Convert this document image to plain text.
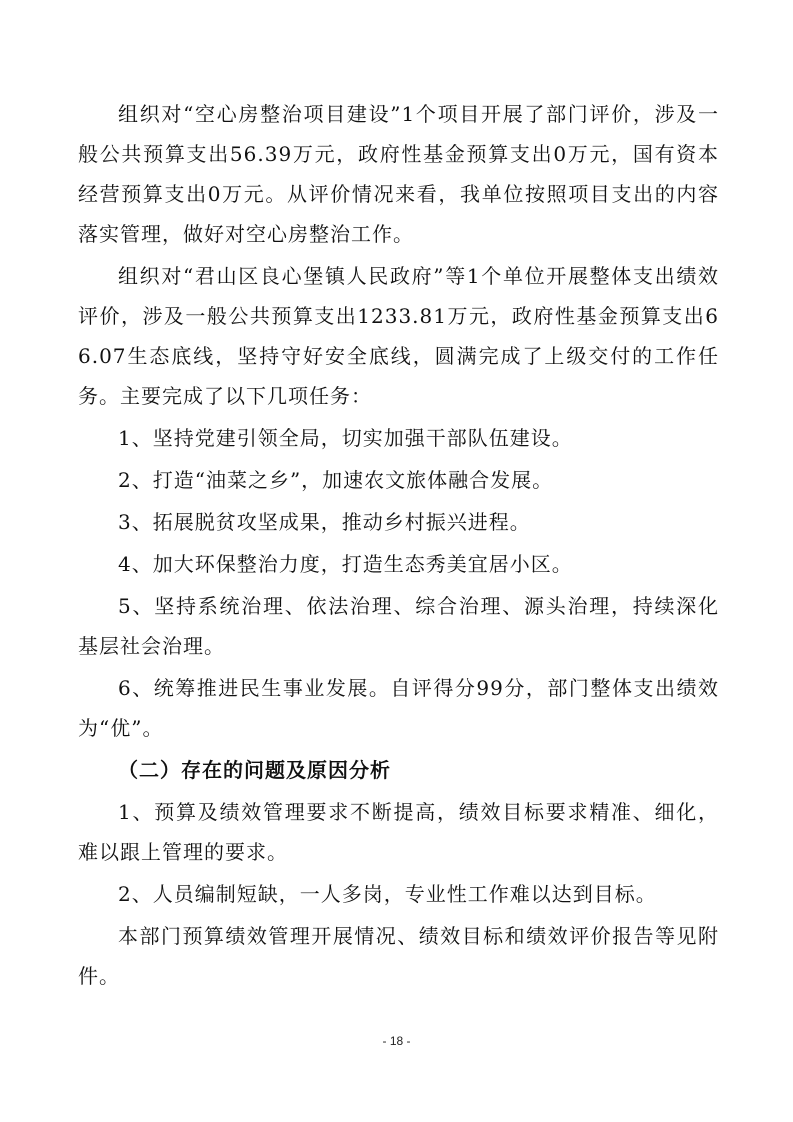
组织对“空心房整治项目建设”1个项目开展了部门评价，涉及一般公共预算支出56.39万元，政府性基金预算支出0万元，国有资本经营预算支出0万元。从评价情况来看，我单位按照项目支出的内容落实管理，做好对空心房整治工作。

组织对“君山区良心堡镇人民政府”等1个单位开展整体支出绩效评价，涉及一般公共预算支出1233.81万元，政府性基金预算支出66.07生态底线，坚持守好安全底线，圆满完成了上级交付的工作任务。主要完成了以下几项任务：

1、坚持党建引领全局，切实加强干部队伍建设。

2、打造“油菜之乡”，加速农文旅体融合发展。

3、拓展脱贫攻坚成果，推动乡村振兴进程。

4、加大环保整治力度，打造生态秀美宜居小区。

5、坚持系统治理、依法治理、综合治理、源头治理，持续深化基层社会治理。

6、统筹推进民生事业发展。自评得分99分，部门整体支出绩效为“优”。

（二）存在的问题及原因分析

1、预算及绩效管理要求不断提高，绩效目标要求精准、细化，难以跟上管理的要求。

2、人员编制短缺，一人多岗，专业性工作难以达到目标。

本部门预算绩效管理开展情况、绩效目标和绩效评价报告等见附件。

- 18 -
